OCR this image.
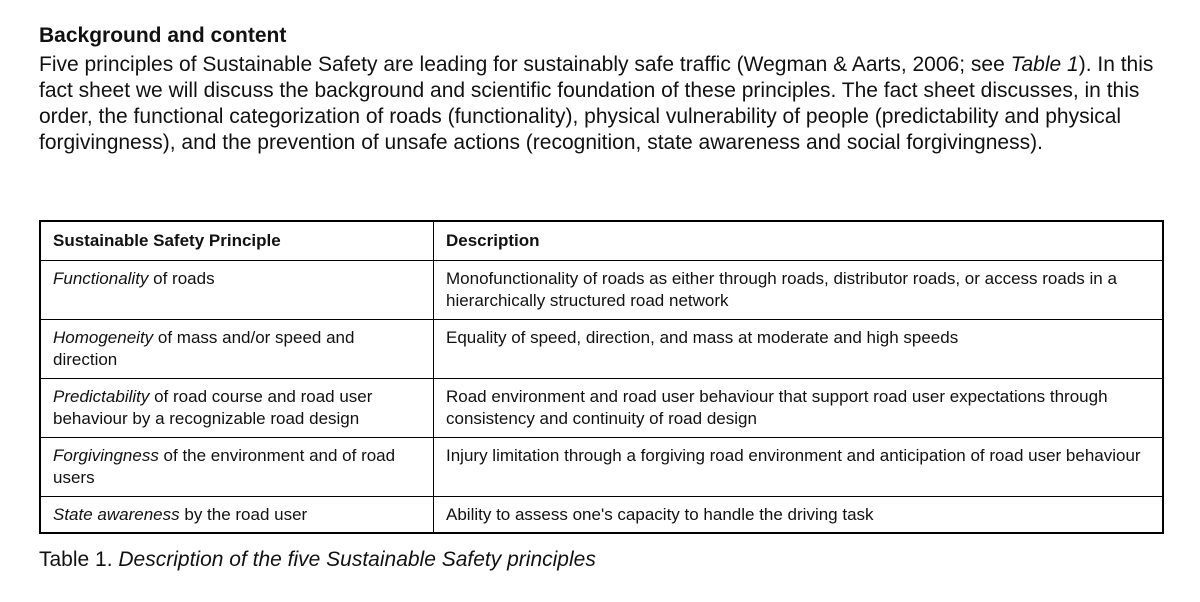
Background and content

Five principles of Sustainable Safety are leading for sustainably safe traffic (Wegman & Aarts, 2006; see Table 1). In this fact sheet we will discuss the background and scientific foundation of these principles. The fact sheet discusses, in this order, the functional categorization of roads (functionality), physical vulnerability of people (predictability and physical forgivingness), and the prevention of unsafe actions (recognition, state awareness and social forgivingness).

Sustainable Safety Principle	Description
Functionality of roads	Monofunctionality of roads as either through roads, distributor roads, or access roads in a hierarchically structured road network
Homogeneity of mass and/or speed and direction	Equality of speed, direction, and mass at moderate and high speeds
Predictability of road course and road user behaviour by a recognizable road design	Road environment and road user behaviour that support road user expectations through consistency and continuity of road design
Forgivingness of the environment and of road users	Injury limitation through a forgiving road environment and anticipation of road user behaviour
State awareness by the road user	Ability to assess one's capacity to handle the driving task

Table 1. Description of the five Sustainable Safety principles
